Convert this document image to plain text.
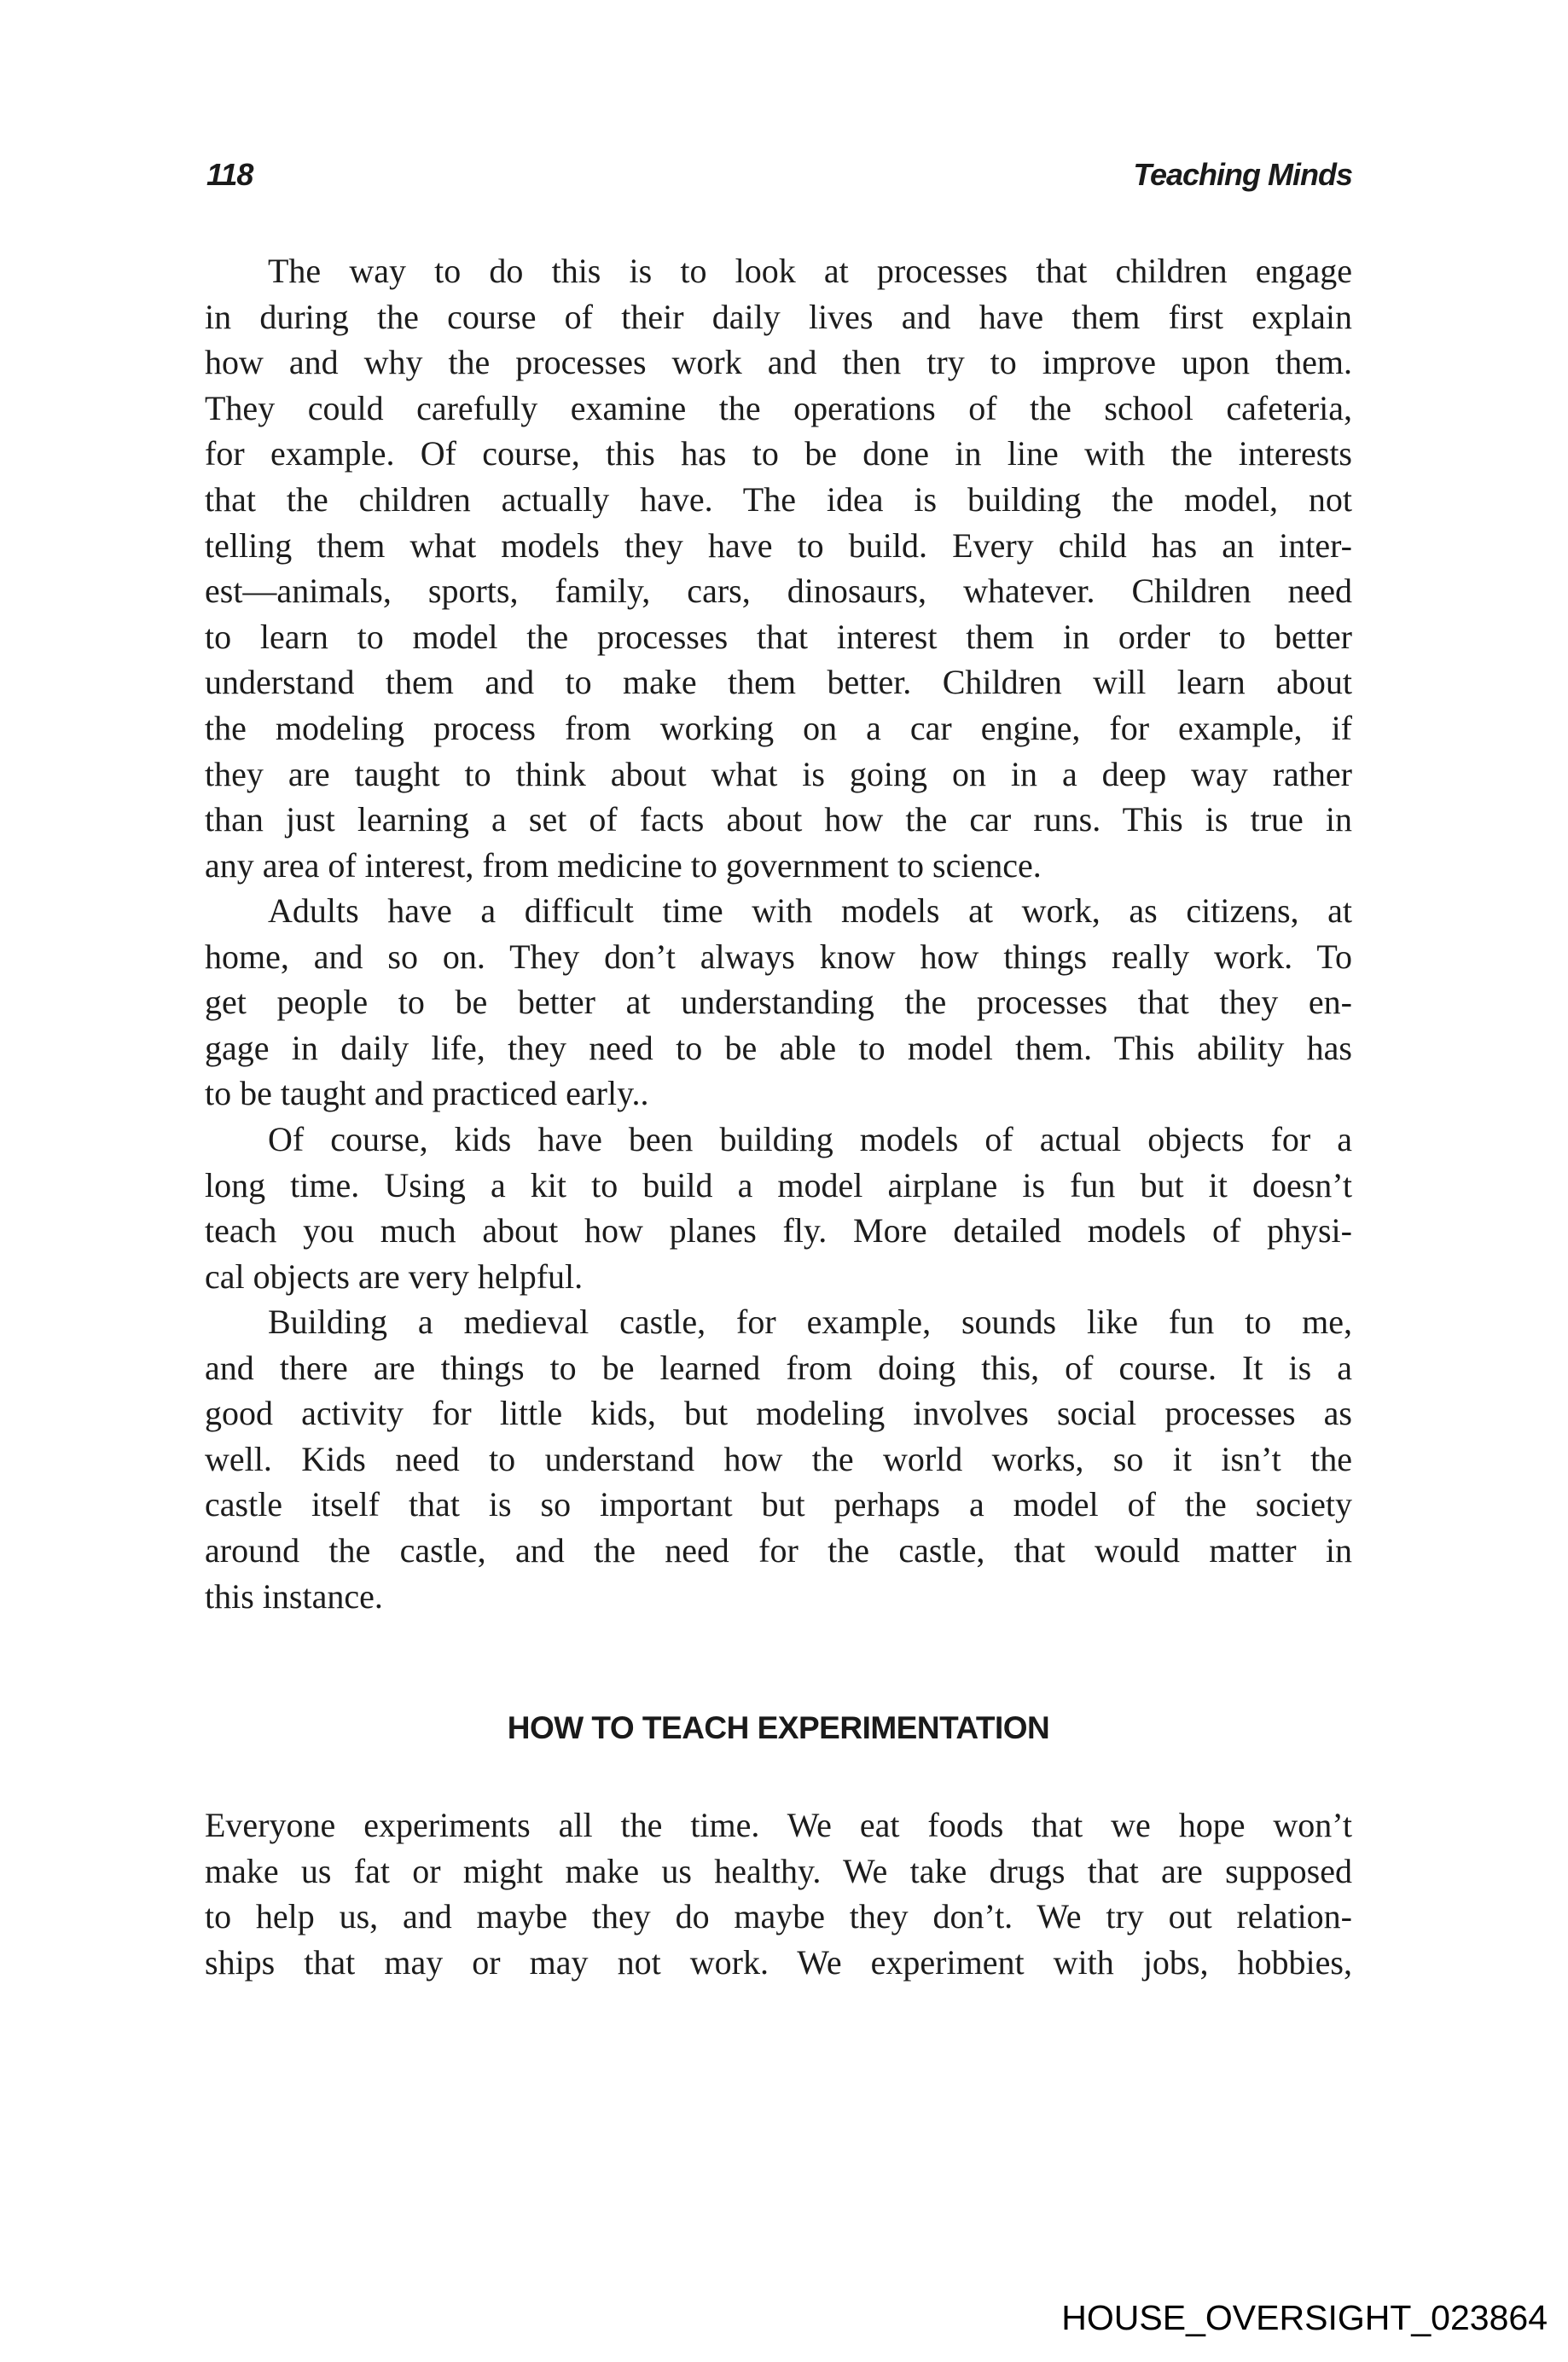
118	Teaching Minds
The way to do this is to look at processes that children engage
in during the course of their daily lives and have them first explain
how and why the processes work and then try to improve upon them.
They could carefully examine the operations of the school cafeteria,
for example. Of course, this has to be done in line with the interests
that the children actually have. The idea is building the model, not
telling them what models they have to build. Every child has an inter-
est—animals, sports, family, cars, dinosaurs, whatever. Children need
to learn to model the processes that interest them in order to better
understand them and to make them better. Children will learn about
the modeling process from working on a car engine, for example, if
they are taught to think about what is going on in a deep way rather
than just learning a set of facts about how the car runs. This is true in
any area of interest, from medicine to government to science.
Adults have a difficult time with models at work, as citizens, at
home, and so on. They don’t always know how things really work. To
get people to be better at understanding the processes that they en-
gage in daily life, they need to be able to model them. This ability has
to be taught and practiced early..
Of course, kids have been building models of actual objects for a
long time. Using a kit to build a model airplane is fun but it doesn’t
teach you much about how planes fly. More detailed models of physi-
cal objects are very helpful.
Building a medieval castle, for example, sounds like fun to me,
and there are things to be learned from doing this, of course. It is a
good activity for little kids, but modeling involves social processes as
well. Kids need to understand how the world works, so it isn’t the
castle itself that is so important but perhaps a model of the society
around the castle, and the need for the castle, that would matter in
this instance.
HOW TO TEACH EXPERIMENTATION
Everyone experiments all the time. We eat foods that we hope won’t
make us fat or might make us healthy. We take drugs that are supposed
to help us, and maybe they do maybe they don’t. We try out relation-
ships that may or may not work. We experiment with jobs, hobbies,
HOUSE_OVERSIGHT_023864
